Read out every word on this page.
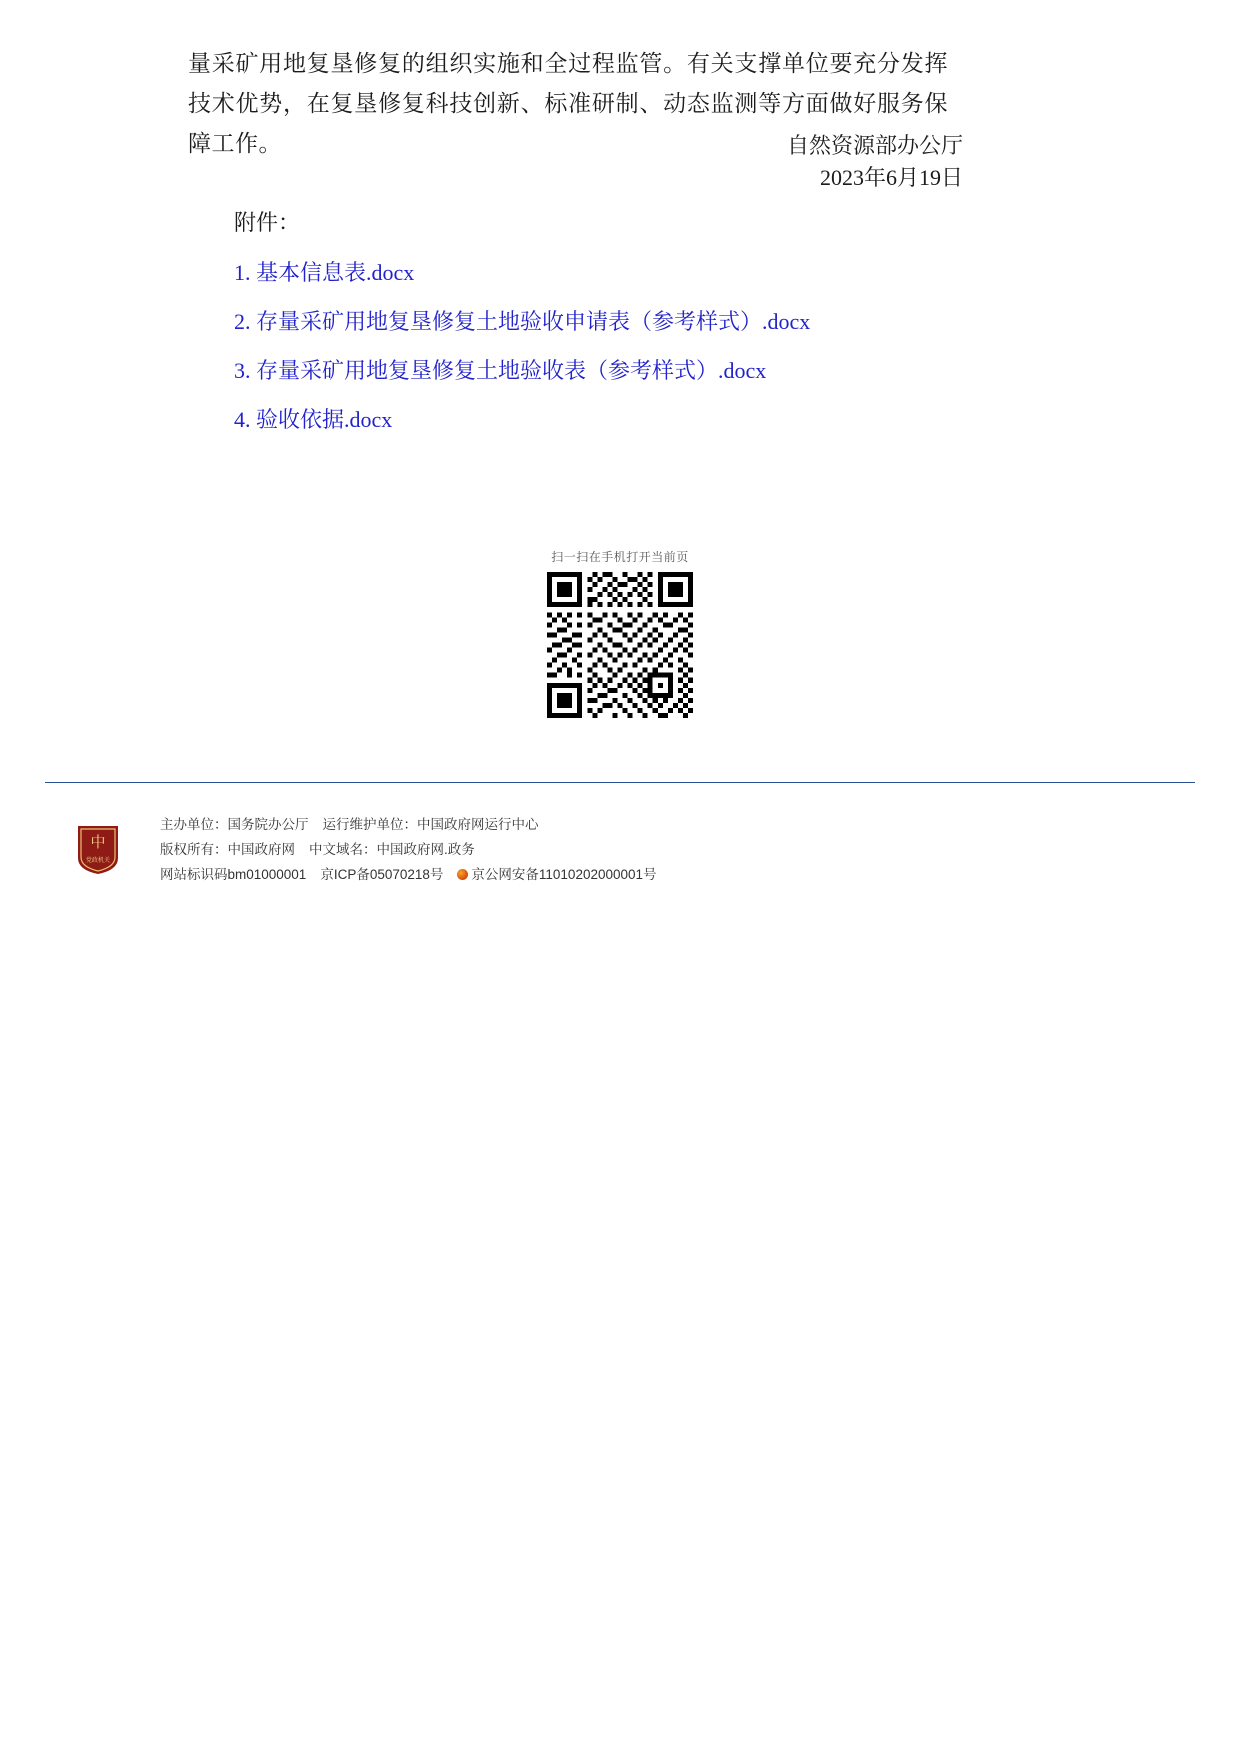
量采矿用地复垦修复的组织实施和全过程监管。有关支撑单位要充分发挥技术优势，在复垦修复科技创新、标准研制、动态监测等方面做好服务保障工作。	自然资源部办公厅
2023年6月19日
附件：
1. 基本信息表.docx
2. 存量采矿用地复垦修复土地验收申请表（参考样式）.docx
3. 存量采矿用地复垦修复土地验收表（参考样式）.docx
4. 验收依据.docx
扫一扫在手机打开当前页
中
党政机关
主办单位：国务院办公厅 运行维护单位：中国政府网运行中心
版权所有：中国政府网 中文域名：中国政府网.政务
网站标识码bm01000001 京ICP备05070218号 京公网安备11010202000001号
